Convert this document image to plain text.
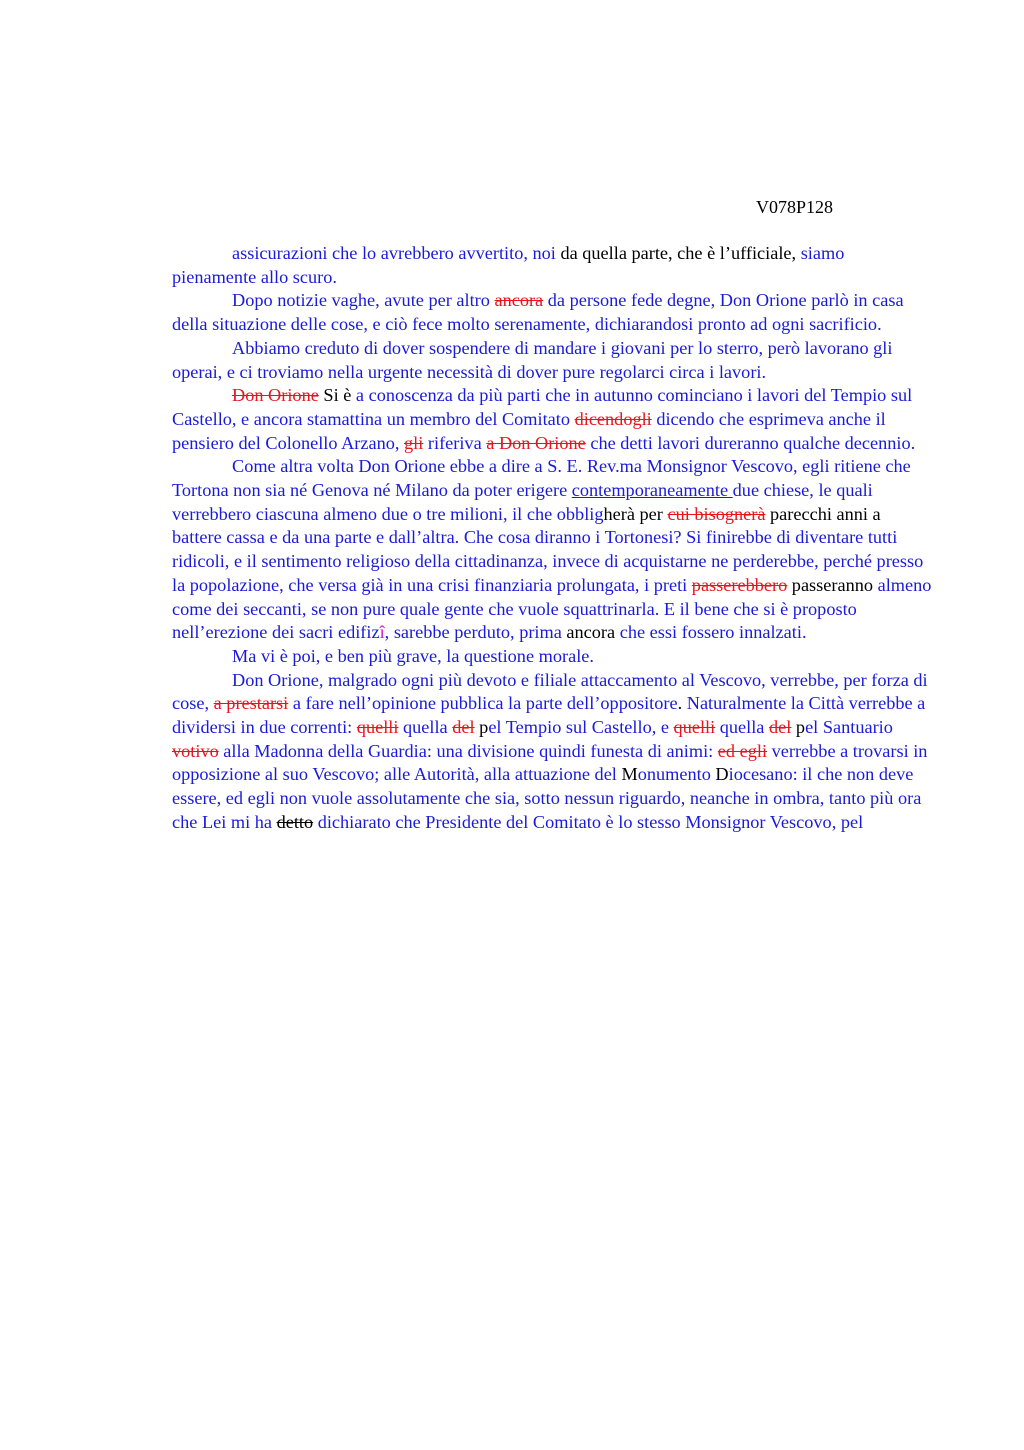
V078P128

assicurazioni che lo avrebbero avvertito, noi da quella parte, che è l’ufficiale, siamo pienamente allo scuro.

Dopo notizie vaghe, avute per altro ancora da persone fede degne, Don Orione parlò in casa della situazione delle cose, e ciò fece molto serenamente, dichiarandosi pronto ad ogni sacrificio.

Abbiamo creduto di dover sospendere di mandare i giovani per lo sterro, però lavorano gli operai, e ci troviamo nella urgente necessità di dover pure regolarci circa i lavori.

Don Orione Si è a conoscenza da più parti che in autunno cominciano i lavori del Tempio sul Castello, e ancora stamattina un membro del Comitato dicendogli dicendo che esprimeva anche il pensiero del Colonello Arzano, gli riferiva a Don Orione che detti lavori dureranno qualche decennio.

Come altra volta Don Orione ebbe a dire a S. E. Rev.ma Monsignor Vescovo, egli ritiene che Tortona non sia né Genova né Milano da poter erigere contemporaneamente due chiese, le quali verrebbero ciascuna almeno due o tre milioni, il che obbligherà per cui bisognerà parecchi anni a battere cassa e da una parte e dall’altra. Che cosa diranno i Tortonesi? Si finirebbe di diventare tutti ridicoli, e il sentimento religioso della cittadinanza, invece di acquistarne ne perderebbe, perché presso la popolazione, che versa già in una crisi finanziaria prolungata, i preti passerebbero passeranno almeno come dei seccanti, se non pure quale gente che vuole squattrinarla. E il bene che si è proposto nell’erezione dei sacri edifizî, sarebbe perduto, prima ancora che essi fossero innalzati.

Ma vi è poi, e ben più grave, la questione morale.

Don Orione, malgrado ogni più devoto e filiale attaccamento al Vescovo, verrebbe, per forza di cose, a prestarsi a fare nell’opinione pubblica la parte dell’oppositore. Naturalmente la Città verrebbe a dividersi in due correnti: quelli quella del pel Tempio sul Castello, e quelli quella del pel Santuario votivo alla Madonna della Guardia: una divisione quindi funesta di animi: ed egli verrebbe a trovarsi in opposizione al suo Vescovo; alle Autorità, alla attuazione del Monumento Diocesano: il che non deve essere, ed egli non vuole assolutamente che sia, sotto nessun riguardo, neanche in ombra, tanto più ora che Lei mi ha detto dichiarato che Presidente del Comitato è lo stesso Monsignor Vescovo, pel
